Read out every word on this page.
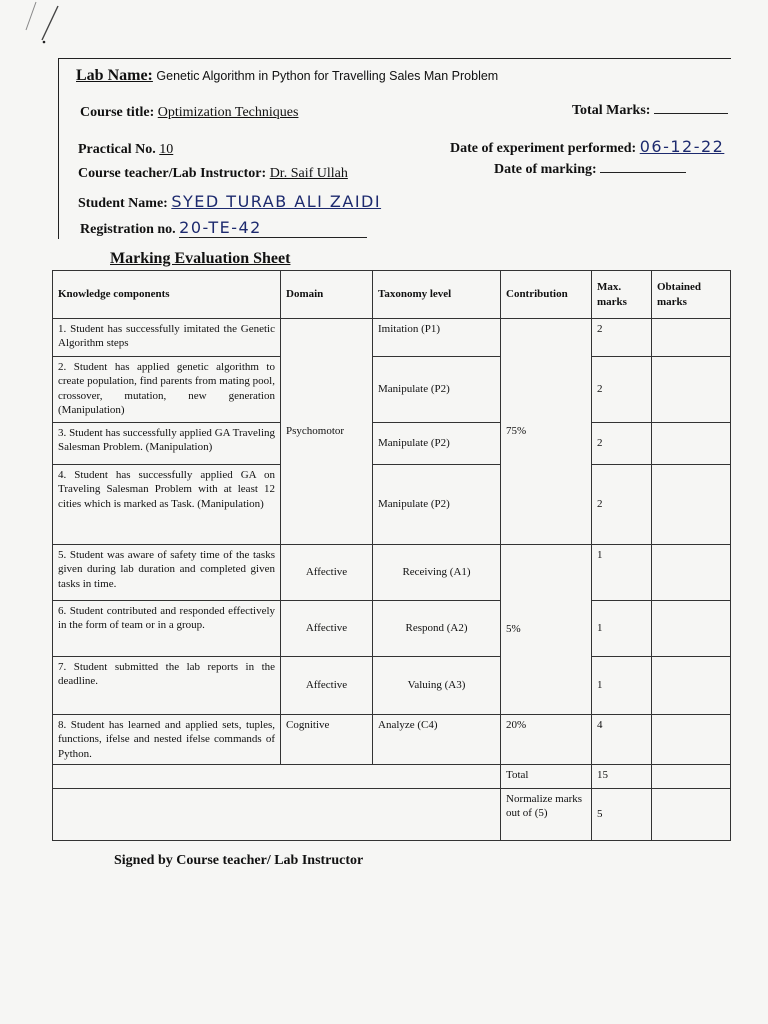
Lab Name: Genetic Algorithm in Python for Travelling Sales Man Problem
Course title: Optimization Techniques	Total Marks:
Practical No. 10	Date of experiment performed: 06-12-22
Course teacher/Lab Instructor: Dr. Saif Ullah	Date of marking:
Student Name: SYED TURAB ALI ZAIDI
Registration no. 20-TE-42
Marking Evaluation Sheet
Knowledge components	Domain	Taxonomy level	Contribution	Max. marks	Obtained marks
1. Student has successfully imitated the Genetic Algorithm steps	Psychomotor	Imitation (P1)	75%	2	
2. Student has applied genetic algorithm to create population, find parents from mating pool, crossover, mutation, new generation (Manipulation)		Manipulate (P2)		2	
3. Student has successfully applied GA Traveling Salesman Problem. (Manipulation)		Manipulate (P2)		2	
4. Student has successfully applied GA on Traveling Salesman Problem with at least 12 cities which is marked as Task. (Manipulation)		Manipulate (P2)		2	
5. Student was aware of safety time of the tasks given during lab duration and completed given tasks in time.	Affective	Receiving (A1)	5%	1	
6. Student contributed and responded effectively in the form of team or in a group.	Affective	Respond (A2)		1	
7. Student submitted the lab reports in the deadline.	Affective	Valuing (A3)		1	
8. Student has learned and applied sets, tuples, functions, ifelse and nested ifelse commands of Python.	Cognitive	Analyze (C4)	20%	4	
			Total	15	
			Normalize marks out of (5)	5	
Signed by Course teacher/ Lab Instructor
